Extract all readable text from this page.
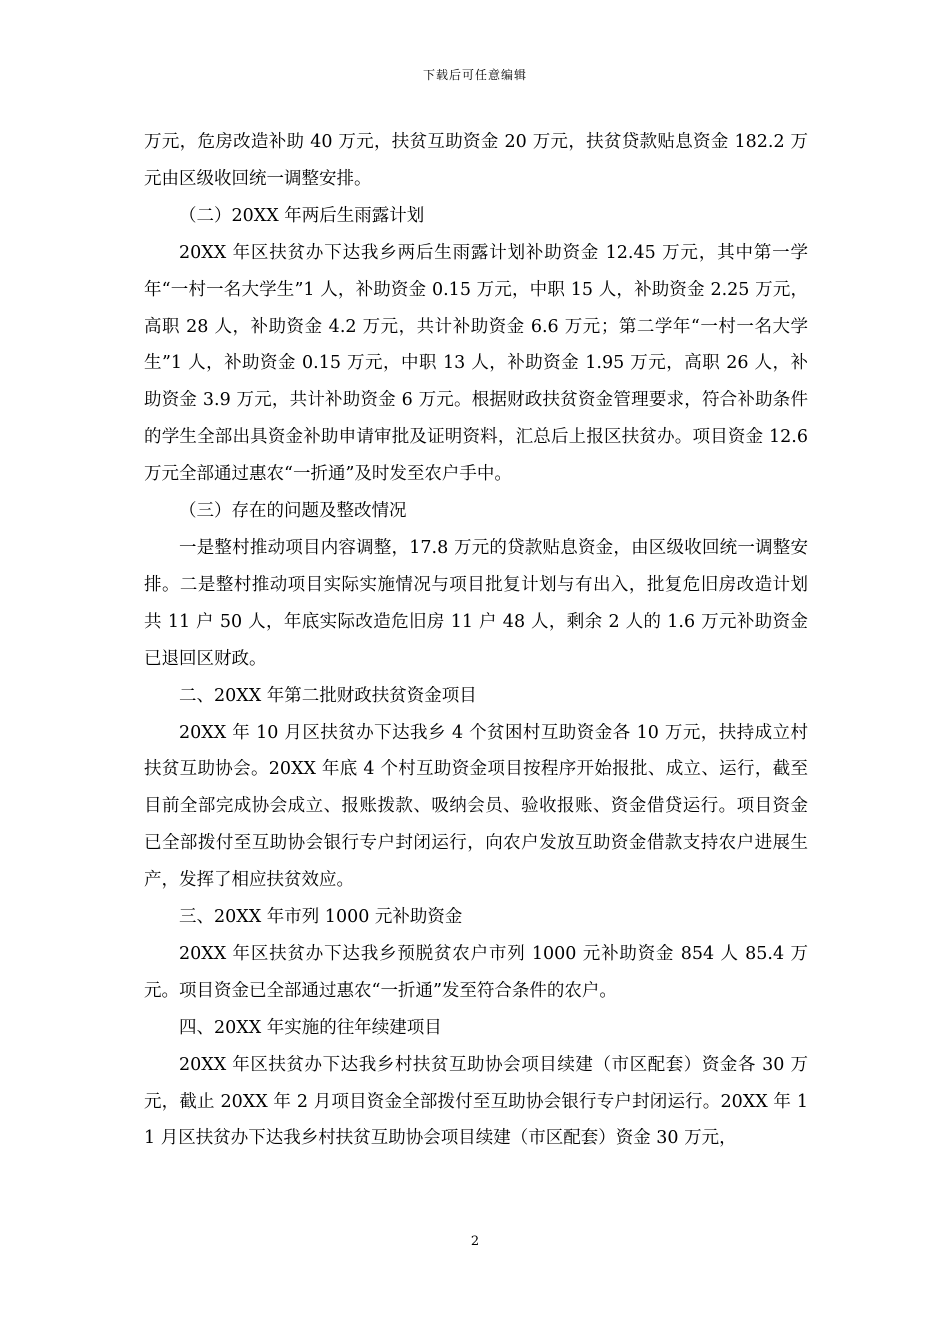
下载后可任意编辑

万元，危房改造补助 40 万元，扶贫互助资金 20 万元，扶贫贷款贴息资金 182.2 万元由区级收回统一调整安排。

（二）20XX 年两后生雨露计划

20XX 年区扶贫办下达我乡两后生雨露计划补助资金 12.45 万元，其中第一学年“一村一名大学生”1 人，补助资金 0.15 万元，中职 15 人，补助资金 2.25 万元，高职 28 人，补助资金 4.2 万元，共计补助资金 6.6 万元；第二学年“一村一名大学生”1 人，补助资金 0.15 万元，中职 13 人，补助资金 1.95 万元，高职 26 人，补助资金 3.9 万元，共计补助资金 6 万元。根据财政扶贫资金管理要求，符合补助条件的学生全部出具资金补助申请审批及证明资料，汇总后上报区扶贫办。项目资金 12.6 万元全部通过惠农“一折通”及时发至农户手中。

（三）存在的问题及整改情况

一是整村推动项目内容调整，17.8 万元的贷款贴息资金，由区级收回统一调整安排。二是整村推动项目实际实施情况与项目批复计划与有出入，批复危旧房改造计划共 11 户 50 人，年底实际改造危旧房 11 户 48 人，剩余 2 人的 1.6 万元补助资金已退回区财政。

二、20XX 年第二批财政扶贫资金项目

20XX 年 10 月区扶贫办下达我乡 4 个贫困村互助资金各 10 万元，扶持成立村扶贫互助协会。20XX 年底 4 个村互助资金项目按程序开始报批、成立、运行，截至目前全部完成协会成立、报账拨款、吸纳会员、验收报账、资金借贷运行。项目资金已全部拨付至互助协会银行专户封闭运行，向农户发放互助资金借款支持农户进展生产，发挥了相应扶贫效应。

三、20XX 年市列 1000 元补助资金

20XX 年区扶贫办下达我乡预脱贫农户市列 1000 元补助资金 854 人 85.4 万元。项目资金已全部通过惠农“一折通”发至符合条件的农户。

四、20XX 年实施的往年续建项目

20XX 年区扶贫办下达我乡村扶贫互助协会项目续建（市区配套）资金各 30 万元，截止 20XX 年 2 月项目资金全部拨付至互助协会银行专户封闭运行。20XX 年 11 月区扶贫办下达我乡村扶贫互助协会项目续建（市区配套）资金 30 万元，

2
